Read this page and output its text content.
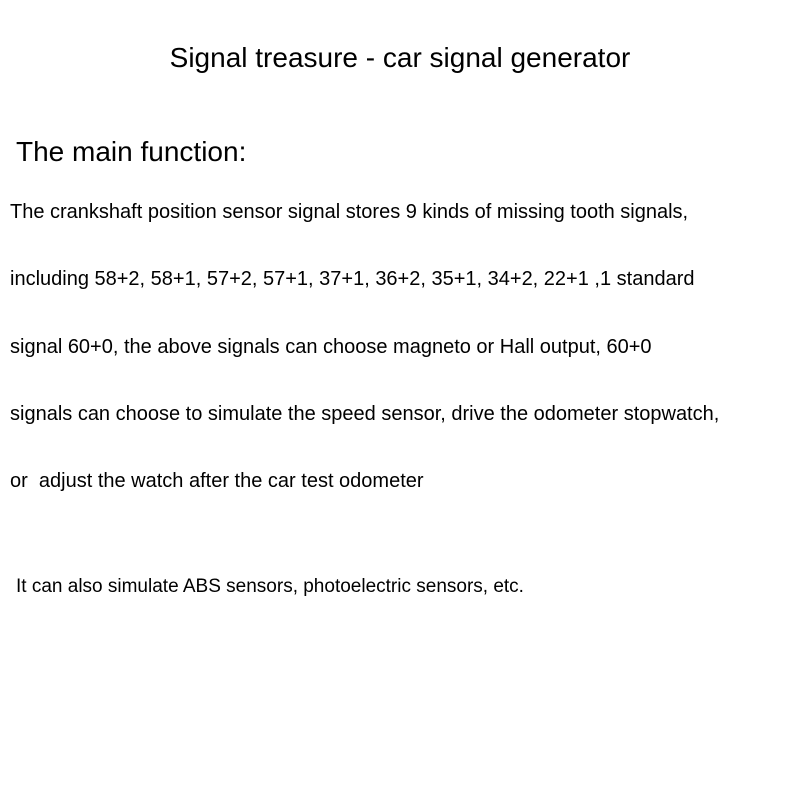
Signal treasure - car signal generator
The main function:
The crankshaft position sensor signal stores 9 kinds of missing tooth signals,
including 58+2, 58+1, 57+2, 57+1, 37+1, 36+2, 35+1, 34+2, 22+1 ,1 standard
signal 60+0, the above signals can choose magneto or Hall output, 60+0
signals can choose to simulate the speed sensor, drive the odometer stopwatch,
or  adjust the watch after the car test odometer
It can also simulate ABS sensors, photoelectric sensors, etc.
